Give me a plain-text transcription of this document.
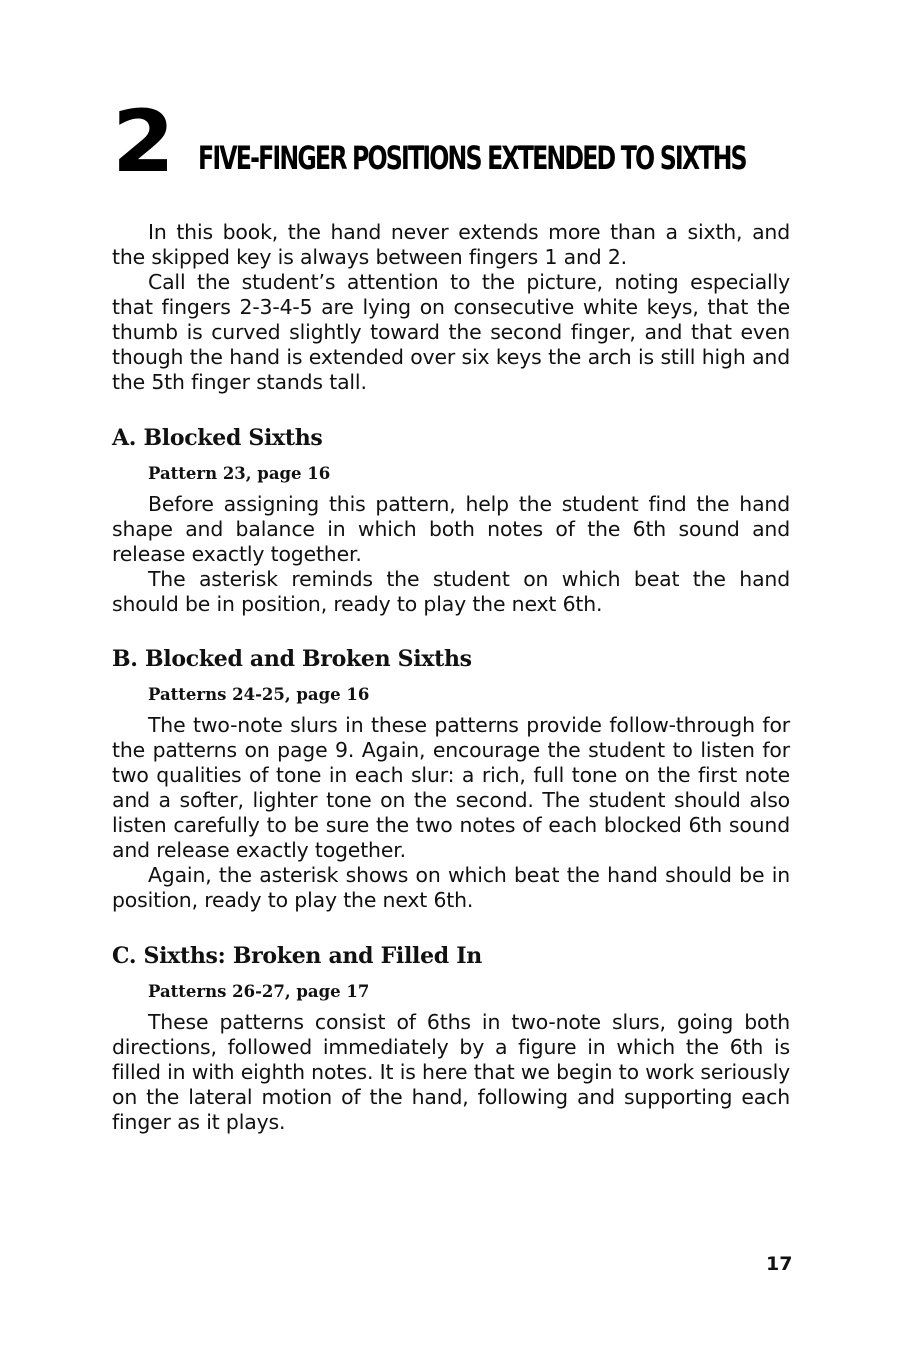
2 FIVE-FINGER POSITIONS EXTENDED TO SIXTHS

In this book, the hand never extends more than a sixth, and the skipped key is always between fingers 1 and 2.

Call the student’s attention to the picture, noting especially that fingers 2-3-4-5 are lying on consecutive white keys, that the thumb is curved slightly toward the second finger, and that even though the hand is extended over six keys the arch is still high and the 5th finger stands tall.

A. Blocked Sixths

Pattern 23, page 16

Before assigning this pattern, help the student find the hand shape and balance in which both notes of the 6th sound and release exactly together.

The asterisk reminds the student on which beat the hand should be in position, ready to play the next 6th.

B. Blocked and Broken Sixths

Patterns 24-25, page 16

The two-note slurs in these patterns provide follow-through for the patterns on page 9. Again, encourage the student to listen for two qualities of tone in each slur: a rich, full tone on the first note and a softer, lighter tone on the second. The student should also listen carefully to be sure the two notes of each blocked 6th sound and release exactly together.

Again, the asterisk shows on which beat the hand should be in position, ready to play the next 6th.

C. Sixths: Broken and Filled In

Patterns 26-27, page 17

These patterns consist of 6ths in two-note slurs, going both directions, followed immediately by a figure in which the 6th is filled in with eighth notes. It is here that we begin to work seriously on the lateral motion of the hand, following and supporting each finger as it plays.

17
